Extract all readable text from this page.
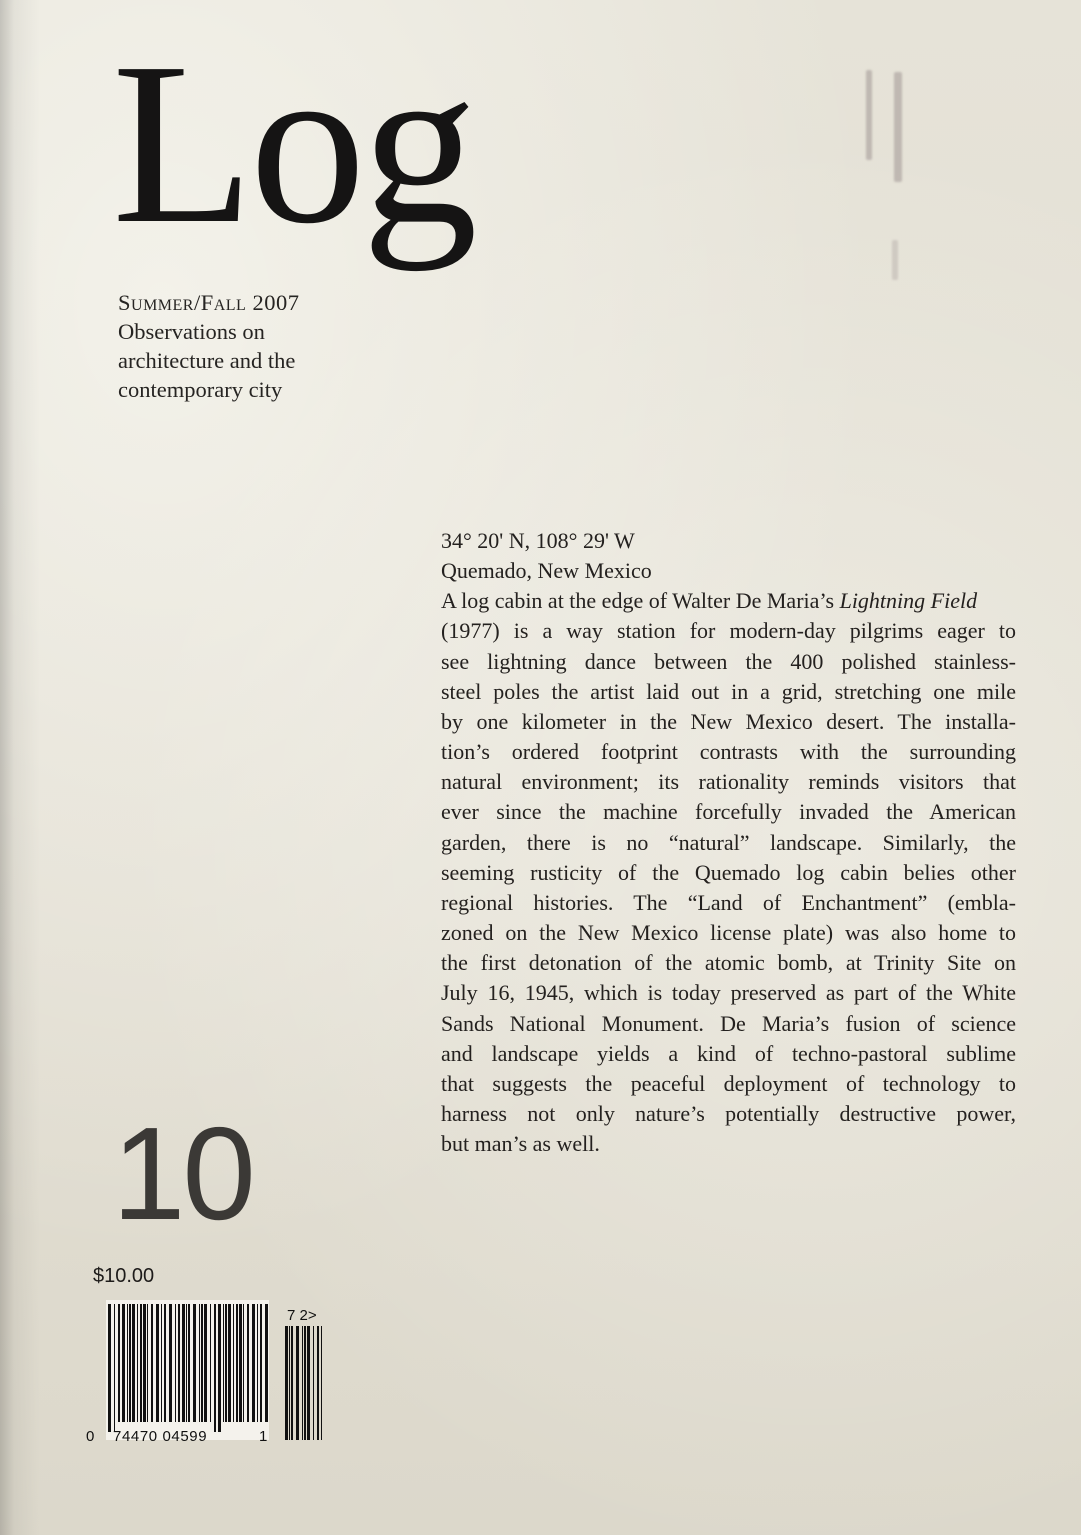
Log
Summer/Fall 2007
Observations on
architecture and the
contemporary city
34° 20' N, 108° 29' W
Quemado, New Mexico
A log cabin at the edge of Walter De Maria’s Lightning Field
(1977) is a way station for modern-day pilgrims eager to
see lightning dance between the 400 polished stainless-
steel poles the artist laid out in a grid, stretching one mile
by one kilometer in the New Mexico desert. The installa-
tion’s ordered footprint contrasts with the surrounding
natural environment; its rationality reminds visitors that
ever since the machine forcefully invaded the American
garden, there is no “natural” landscape. Similarly, the
seeming rusticity of the Quemado log cabin belies other
regional histories. The “Land of Enchantment” (embla-
zoned on the New Mexico license plate) was also home to
the first detonation of the atomic bomb, at Trinity Site on
July 16, 1945, which is today preserved as part of the White
Sands National Monument. De Maria’s fusion of science
and landscape yields a kind of techno-pastoral sublime
that suggests the peaceful deployment of technology to
harness not only nature’s potentially destructive power,
but man’s as well.
10
$10.00
0 74470 04599	1
7 2>
